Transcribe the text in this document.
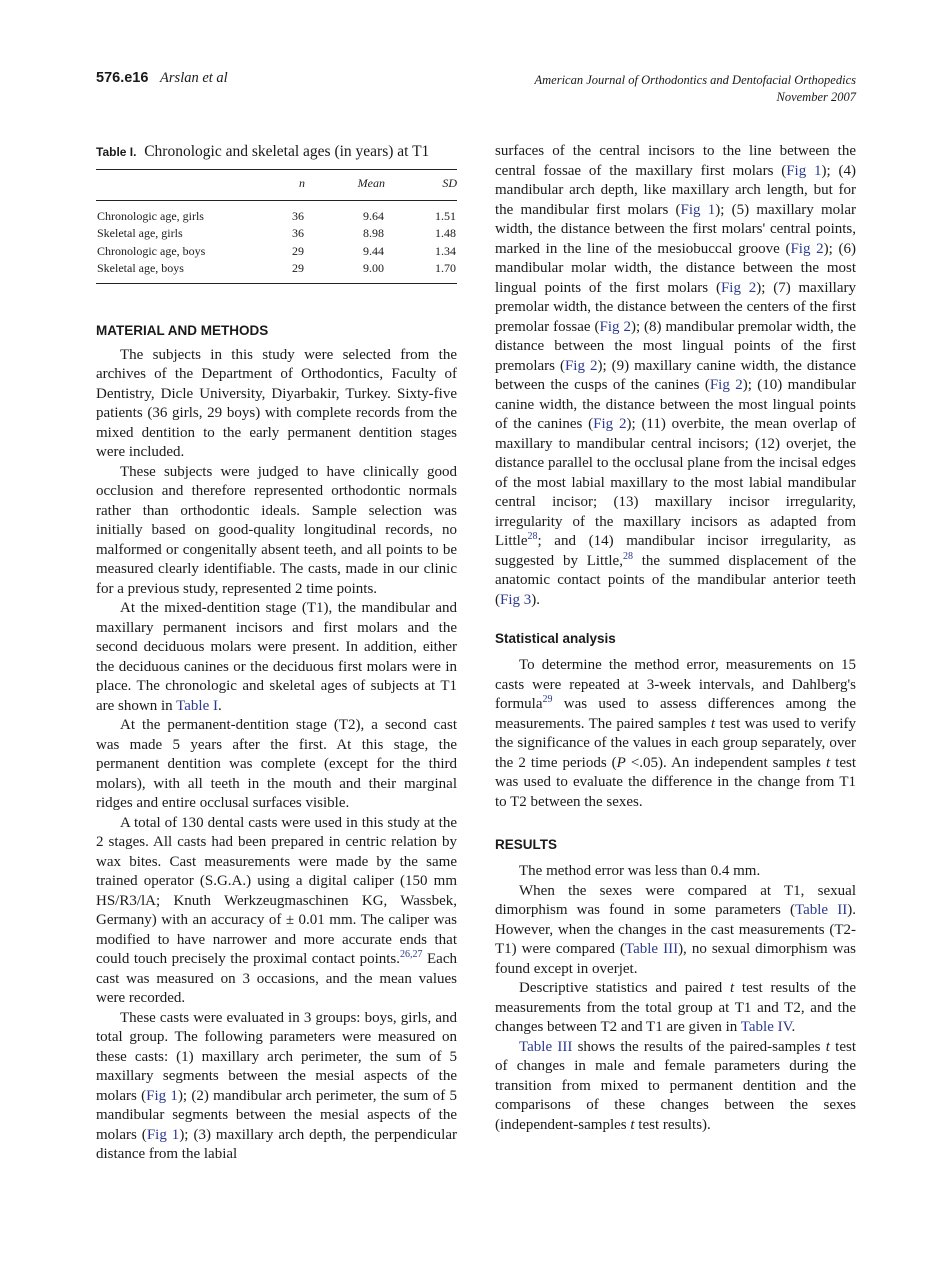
576.e16 Arslan et al	American Journal of Orthodontics and Dentofacial Orthopedics
November 2007
Table I. Chronologic and skeletal ages (in years) at T1
	n	Mean	SD
Chronologic age, girls	36	9.64	1.51
Skeletal age, girls	36	8.98	1.48
Chronologic age, boys	29	9.44	1.34
Skeletal age, boys	29	9.00	1.70
MATERIAL AND METHODS

The subjects in this study were selected from the archives of the Department of Orthodontics, Faculty of Dentistry, Dicle University, Diyarbakir, Turkey. Sixty-five patients (36 girls, 29 boys) with complete records from the mixed dentition to the early permanent dentition stages were included.

These subjects were judged to have clinically good occlusion and therefore represented orthodontic normals rather than orthodontic ideals. Sample selection was initially based on good-quality longitudinal records, no malformed or congenitally absent teeth, and all points to be measured clearly identifiable. The casts, made in our clinic for a previous study, represented 2 time points.

At the mixed-dentition stage (T1), the mandibular and maxillary permanent incisors and first molars and the second deciduous molars were present. In addition, either the deciduous canines or the deciduous first molars were in place. The chronologic and skeletal ages of subjects at T1 are shown in Table I.

At the permanent-dentition stage (T2), a second cast was made 5 years after the first. At this stage, the permanent dentition was complete (except for the third molars), with all teeth in the mouth and their marginal ridges and entire occlusal surfaces visible.

A total of 130 dental casts were used in this study at the 2 stages. All casts had been prepared in centric relation by wax bites. Cast measurements were made by the same trained operator (S.G.A.) using a digital caliper (150 mm HS/R3/lA; Knuth Werkzeugmaschinen KG, Wassbek, Germany) with an accuracy of ± 0.01 mm. The caliper was modified to have narrower and more accurate ends that could touch precisely the proximal contact points.$^{26,27}$ Each cast was measured on 3 occasions, and the mean values were recorded.

These casts were evaluated in 3 groups: boys, girls, and total group. The following parameters were measured on these casts: (1) maxillary arch perimeter, the sum of 5 maxillary segments between the mesial aspects of the molars (Fig 1); (2) mandibular arch perimeter, the sum of 5 mandibular segments between the mesial aspects of the molars (Fig 1); (3) maxillary arch depth, the perpendicular distance from the labial

surfaces of the central incisors to the line between the central fossae of the maxillary first molars (Fig 1); (4) mandibular arch depth, like maxillary arch length, but for the mandibular first molars (Fig 1); (5) maxillary molar width, the distance between the first molars' central points, marked in the line of the mesiobuccal groove (Fig 2); (6) mandibular molar width, the distance between the most lingual points of the first molars (Fig 2); (7) maxillary premolar width, the distance between the centers of the first premolar fossae (Fig 2); (8) mandibular premolar width, the distance between the most lingual points of the first premolars (Fig 2); (9) maxillary canine width, the distance between the cusps of the canines (Fig 2); (10) mandibular canine width, the distance between the most lingual points of the canines (Fig 2); (11) overbite, the mean overlap of maxillary to mandibular central incisors; (12) overjet, the distance parallel to the occlusal plane from the incisal edges of the most labial maxillary to the most labial mandibular central incisor; (13) maxillary incisor irregularity, irregularity of the maxillary incisors as adapted from Little$^{28}$; and (14) mandibular incisor irregularity, as suggested by Little,$^{28}$ the summed displacement of the anatomic contact points of the mandibular anterior teeth (Fig 3).

Statistical analysis

To determine the method error, measurements on 15 casts were repeated at 3-week intervals, and Dahlberg's formula$^{29}$ was used to assess differences among the measurements. The paired samples t test was used to verify the significance of the values in each group separately, over the 2 time periods (P <.05). An independent samples t test was used to evaluate the difference in the change from T1 to T2 between the sexes.

RESULTS

The method error was less than 0.4 mm.

When the sexes were compared at T1, sexual dimorphism was found in some parameters (Table II). However, when the changes in the cast measurements (T2-T1) were compared (Table III), no sexual dimorphism was found except in overjet.

Descriptive statistics and paired t test results of the measurements from the total group at T1 and T2, and the changes between T2 and T1 are given in Table IV.

Table III shows the results of the paired-samples t test of changes in male and female parameters during the transition from mixed to permanent dentition and the comparisons of these changes between the sexes (independent-samples t test results).
